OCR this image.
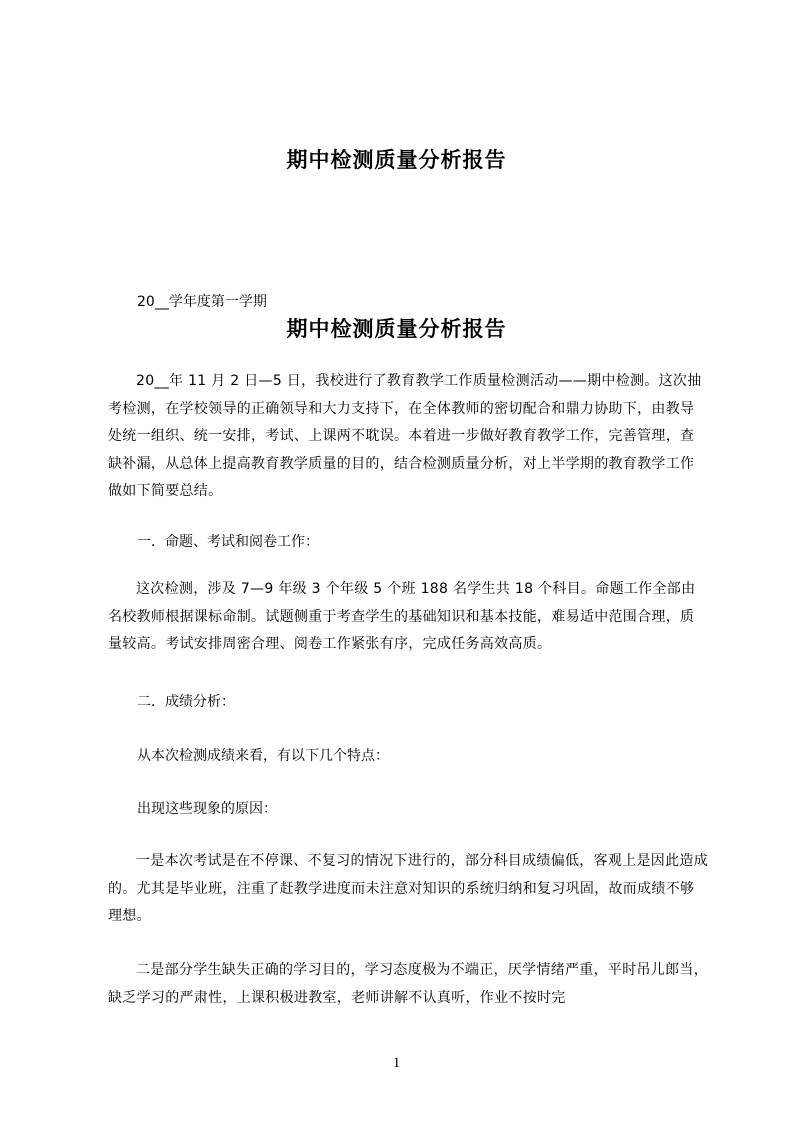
期中检测质量分析报告
20__学年度第一学期
期中检测质量分析报告
20__年 11 月 2 日—5 日，我校进行了教育教学工作质量检测活动——期中检测。这次抽考检测，在学校领导的正确领导和大力支持下，在全体教师的密切配合和鼎力协助下，由教导处统一组织、统一安排，考试、上课两不耽误。本着进一步做好教育教学工作，完善管理，查缺补漏，从总体上提高教育教学质量的目的，结合检测质量分析，对上半学期的教育教学工作做如下简要总结。
一．命题、考试和阅卷工作：
这次检测，涉及 7—9 年级 3 个年级 5 个班 188 名学生共 18 个科目。命题工作全部由名校教师根据课标命制。试题侧重于考查学生的基础知识和基本技能，难易适中范围合理，质量较高。考试安排周密合理、阅卷工作紧张有序，完成任务高效高质。
二．成绩分析：
从本次检测成绩来看，有以下几个特点：
出现这些现象的原因：
一是本次考试是在不停课、不复习的情况下进行的，部分科目成绩偏低，客观上是因此造成的。尤其是毕业班，注重了赶教学进度而未注意对知识的系统归纳和复习巩固，故而成绩不够理想。
二是部分学生缺失正确的学习目的，学习态度极为不端正，厌学情绪严重，平时吊儿郎当，缺乏学习的严肃性，上课积极进教室，老师讲解不认真听，作业不按时完
1
